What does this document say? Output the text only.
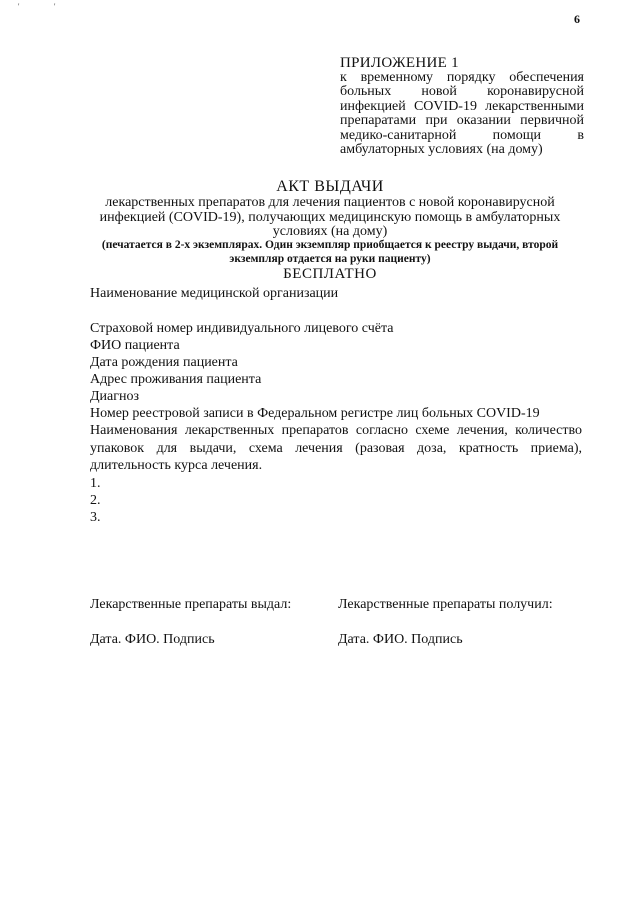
'	'
6
ПРИЛОЖЕНИЕ 1
к временному порядку обеспечения больных новой коронавирусной инфекцией COVID-19 лекарственными препаратами при оказании первичной медико-санитарной помощи в амбулаторных условиях (на дому)
АКТ ВЫДАЧИ
лекарственных препаратов для лечения пациентов с новой коронавирусной инфекцией (COVID-19), получающих медицинскую помощь в амбулаторных условиях (на дому)
(печатается в 2-х экземплярах. Один экземпляр приобщается к реестру выдачи, второй экземпляр отдается на руки пациенту)
БЕСПЛАТНО
Наименование медицинской организации
Страховой номер индивидуального лицевого счёта
ФИО пациента
Дата рождения пациента
Адрес проживания пациента
Диагноз
Номер реестровой записи в Федеральном регистре лиц больных COVID-19
Наименования лекарственных препаратов согласно схеме лечения, количество упаковок для выдачи, схема лечения (разовая доза, кратность приема), длительность курса лечения.
1.
2.
3.
Лекарственные препараты выдал:	Лекарственные препараты получил:
Дата. ФИО. Подпись	Дата. ФИО. Подпись
